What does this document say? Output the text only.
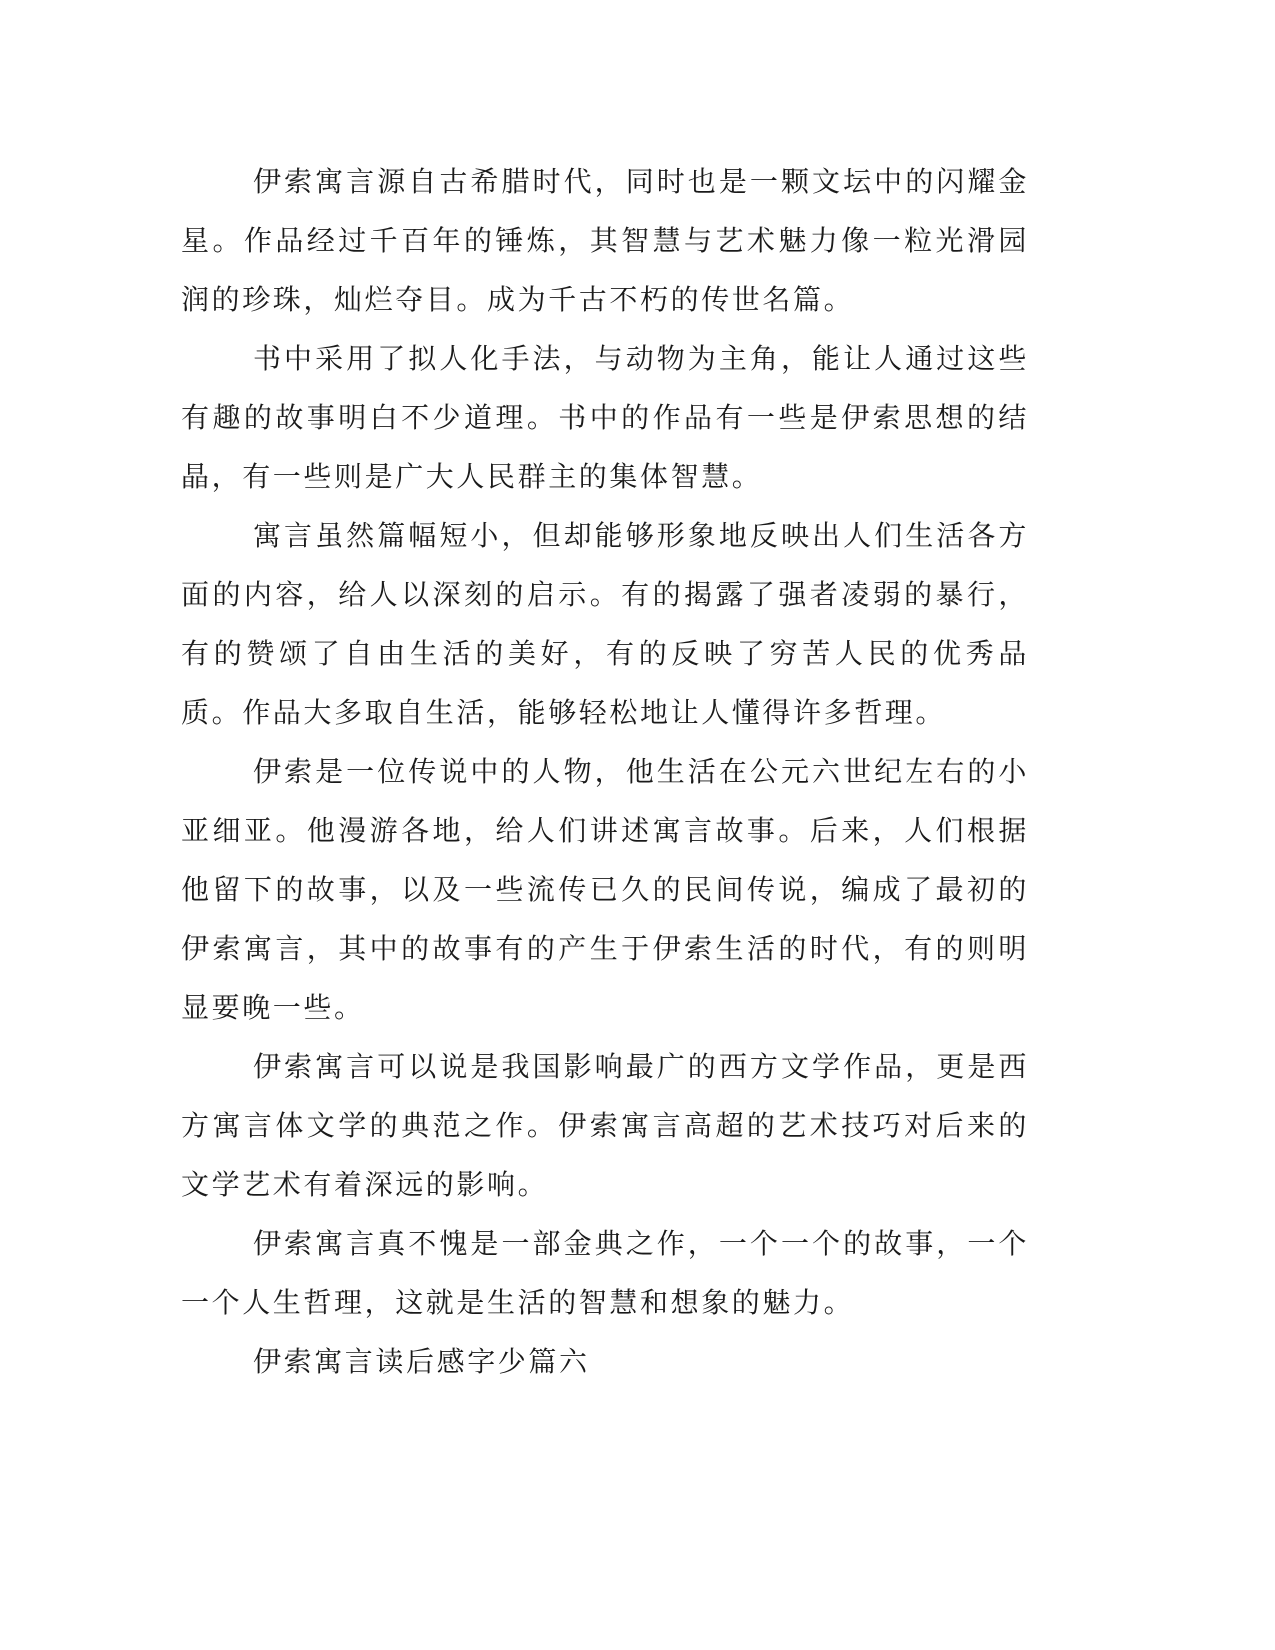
伊索寓言源自古希腊时代，同时也是一颗文坛中的闪耀金星。作品经过千百年的锤炼，其智慧与艺术魅力像一粒光滑园润的珍珠，灿烂夺目。成为千古不朽的传世名篇。

书中采用了拟人化手法，与动物为主角，能让人通过这些有趣的故事明白不少道理。书中的作品有一些是伊索思想的结晶，有一些则是广大人民群主的集体智慧。

寓言虽然篇幅短小，但却能够形象地反映出人们生活各方面的内容，给人以深刻的启示。有的揭露了强者凌弱的暴行，有的赞颂了自由生活的美好，有的反映了穷苦人民的优秀品质。作品大多取自生活，能够轻松地让人懂得许多哲理。

伊索是一位传说中的人物，他生活在公元六世纪左右的小亚细亚。他漫游各地，给人们讲述寓言故事。后来，人们根据他留下的故事，以及一些流传已久的民间传说，编成了最初的伊索寓言，其中的故事有的产生于伊索生活的时代，有的则明显要晚一些。

伊索寓言可以说是我国影响最广的西方文学作品，更是西方寓言体文学的典范之作。伊索寓言高超的艺术技巧对后来的文学艺术有着深远的影响。

伊索寓言真不愧是一部金典之作，一个一个的故事，一个一个人生哲理，这就是生活的智慧和想象的魅力。

伊索寓言读后感字少篇六
